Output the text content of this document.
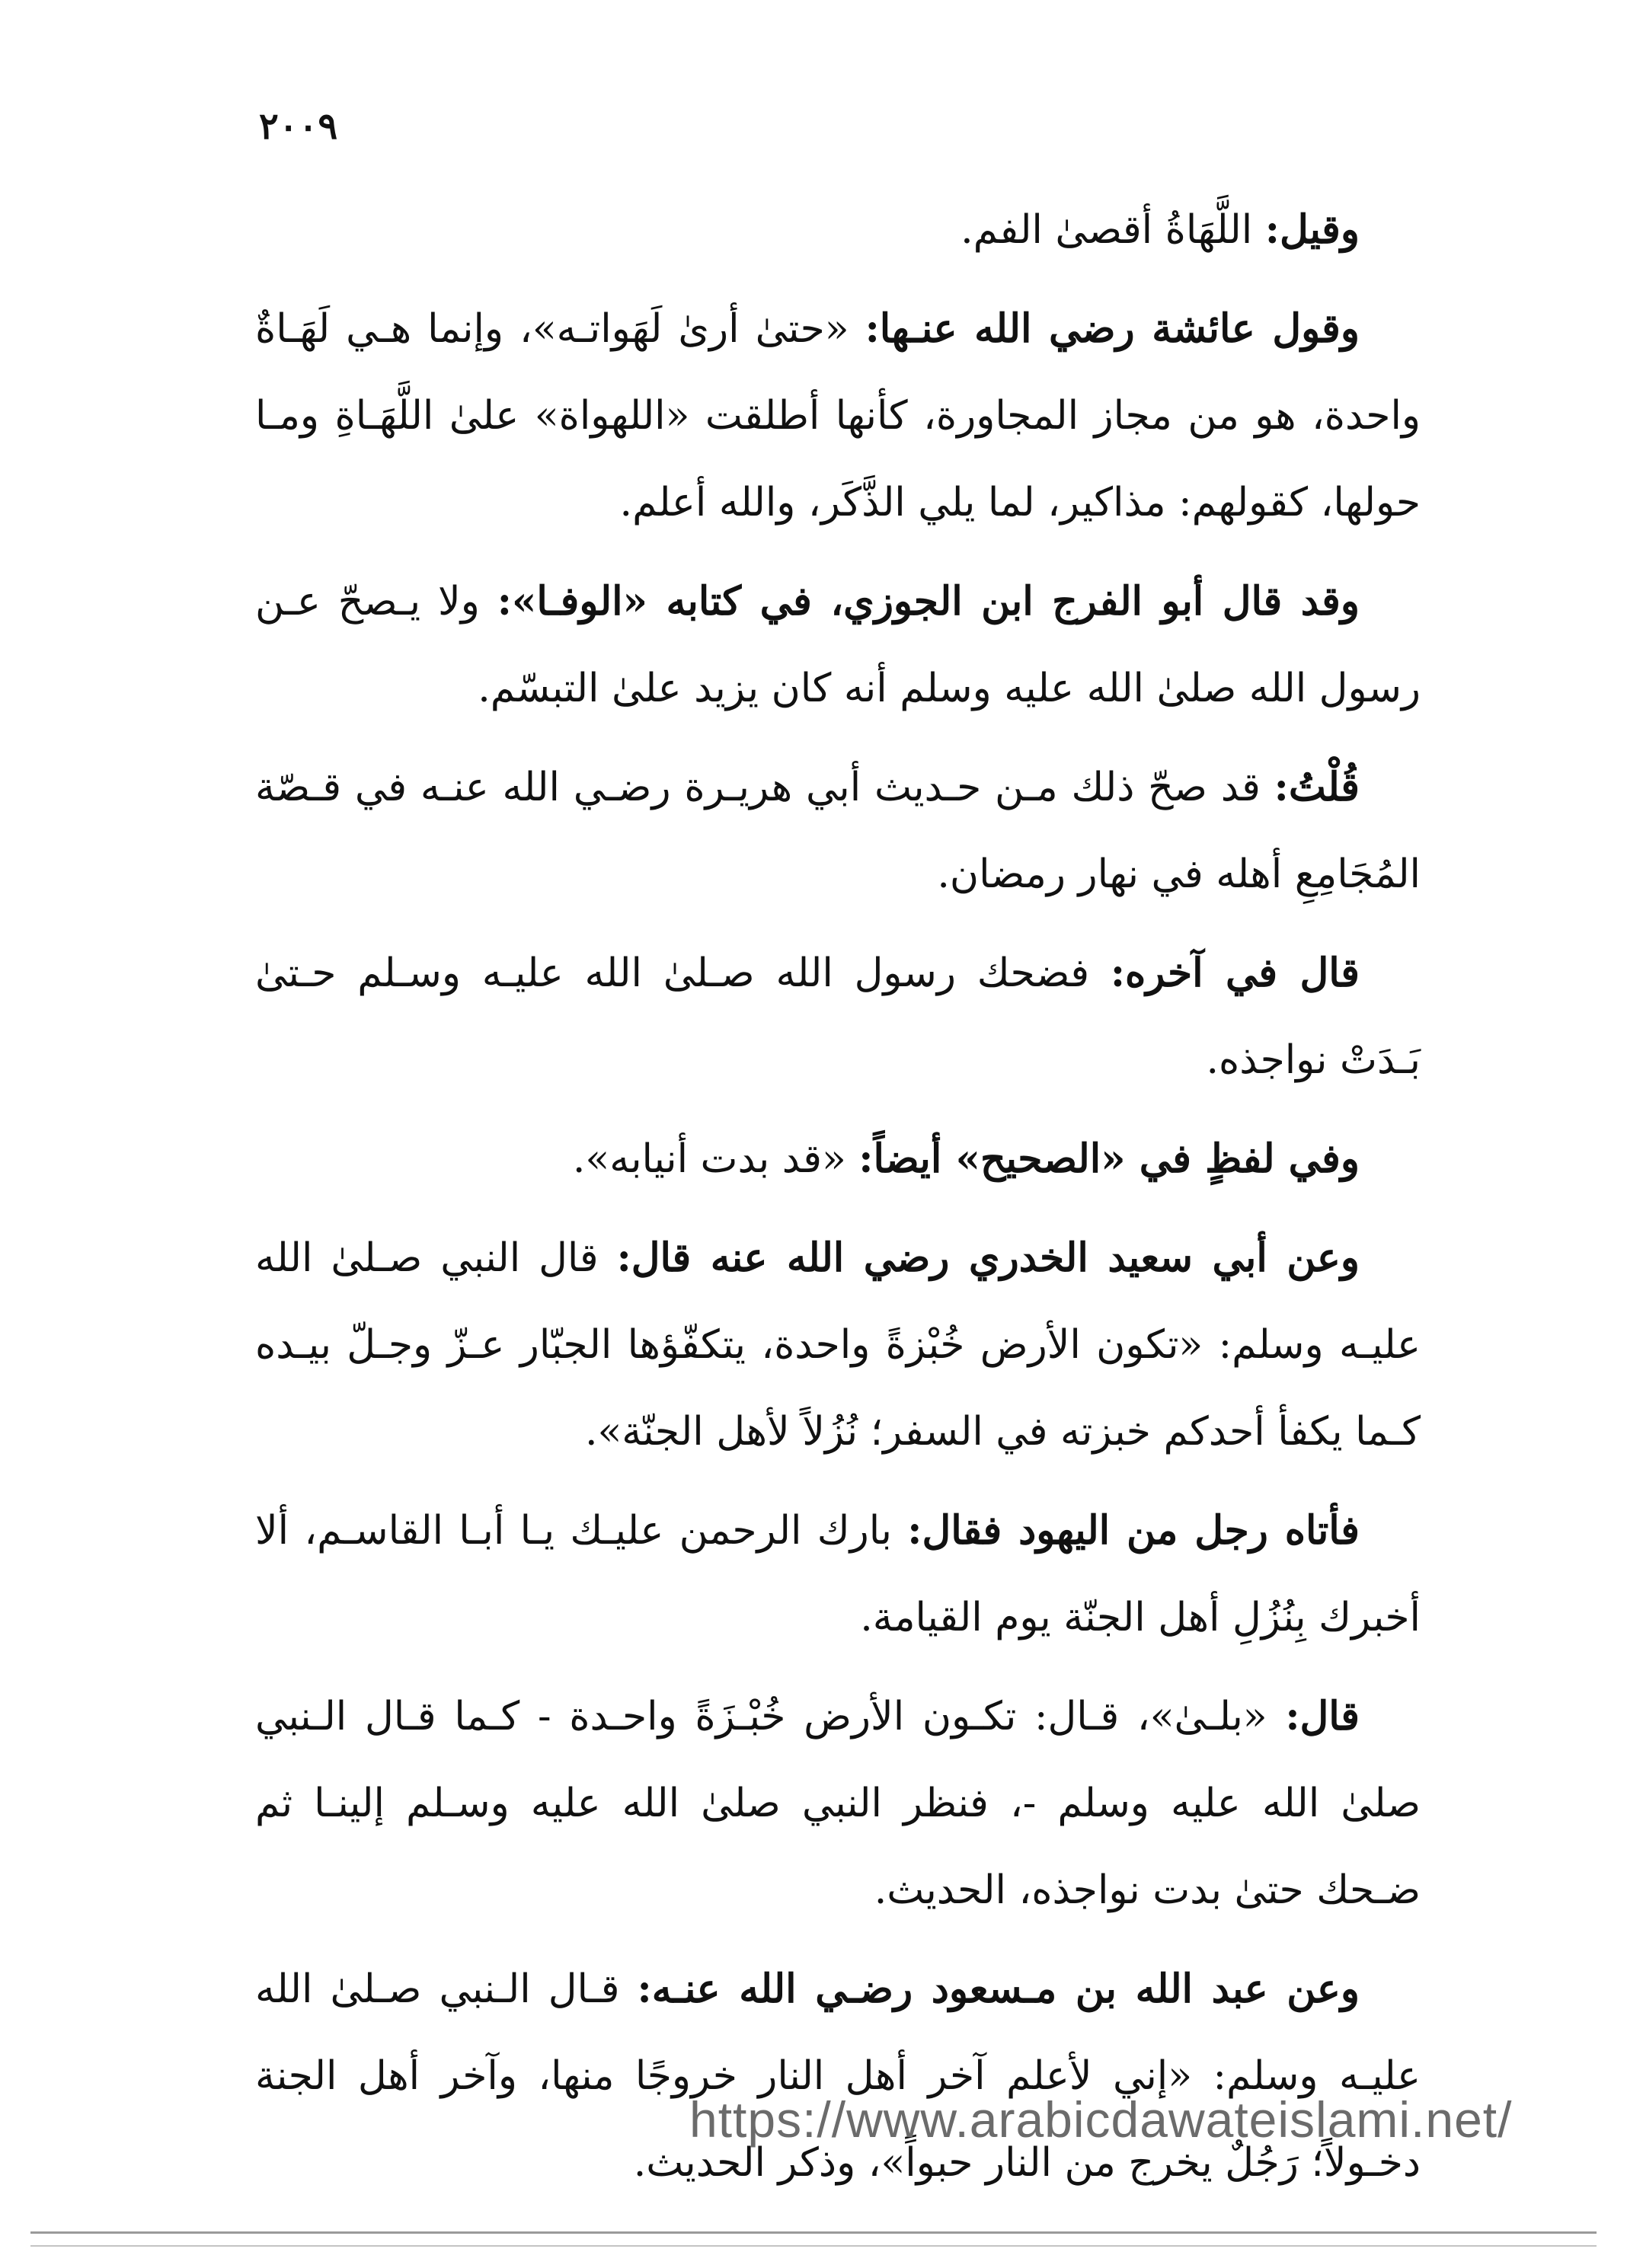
٢٠٠٩

وقيل: اللَّهَاةُ أقصىٰ الفم.

وقول عائشة رضي الله عنـها: «حتىٰ أرىٰ لَهَواتـه»، وإنما هـي لَهَـاةٌ واحدة، هو من مجاز المجاورة، كأنها أطلقت «اللهواة» علىٰ اللَّهَـاةِ ومـا حولها، كقولهم: مذاكير، لما يلي الذَّكَر، والله أعلم.

وقد قال أبو الفرج ابن الجوزي، في كتابه «الوفـا»: ولا يـصحّ عـن رسول الله صلىٰ الله عليه وسلم أنه كان يزيد علىٰ التبسّم.

قُلْتُ: قد صحّ ذلك مـن حـديث أبي هريـرة رضـي الله عنـه في قـصّة المُجَامِعِ أهله في نهار رمضان.

قال في آخره: فضحك رسول الله صـلىٰ الله عليـه وسـلم حـتىٰ بَـدَتْ نواجذه.

وفي لفظٍ في «الصحيح» أيضاً: «قد بدت أنيابه».

وعن أبي سعيد الخدري رضي الله عنه قال: قال النبي صـلىٰ الله عليـه وسلم: «تكون الأرض خُبْزةً واحدة، يتكفّؤها الجبّار عـزّ وجـلّ بيـده كـما يكفأ أحدكم خبزته في السفر؛ نُزُلاً لأهل الجنّة».

فأتاه رجل من اليهود فقال: بارك الرحمن عليـك يـا أبـا القاسـم، ألا أخبرك بِنُزُلِ أهل الجنّة يوم القيامة.

قال: «بلـىٰ»، قـال: تكـون الأرض خُبْـزَةً واحـدة - كـما قـال الـنبي صلىٰ الله عليه وسلم -، فنظر النبي صلىٰ الله عليه وسـلم إلينـا ثم ضـحك حتىٰ بدت نواجذه، الحديث.

وعن عبد الله بن مـسعود رضـي الله عنـه: قـال الـنبي صـلىٰ الله عليـه وسلم: «إني لأعلم آخر أهل النار خروجًا منها، وآخر أهل الجنة دخـولاً؛ رَجُلٌ يخرج من النار حبواً»، وذكر الحديث.

https://www.arabicdawateislami.net/
